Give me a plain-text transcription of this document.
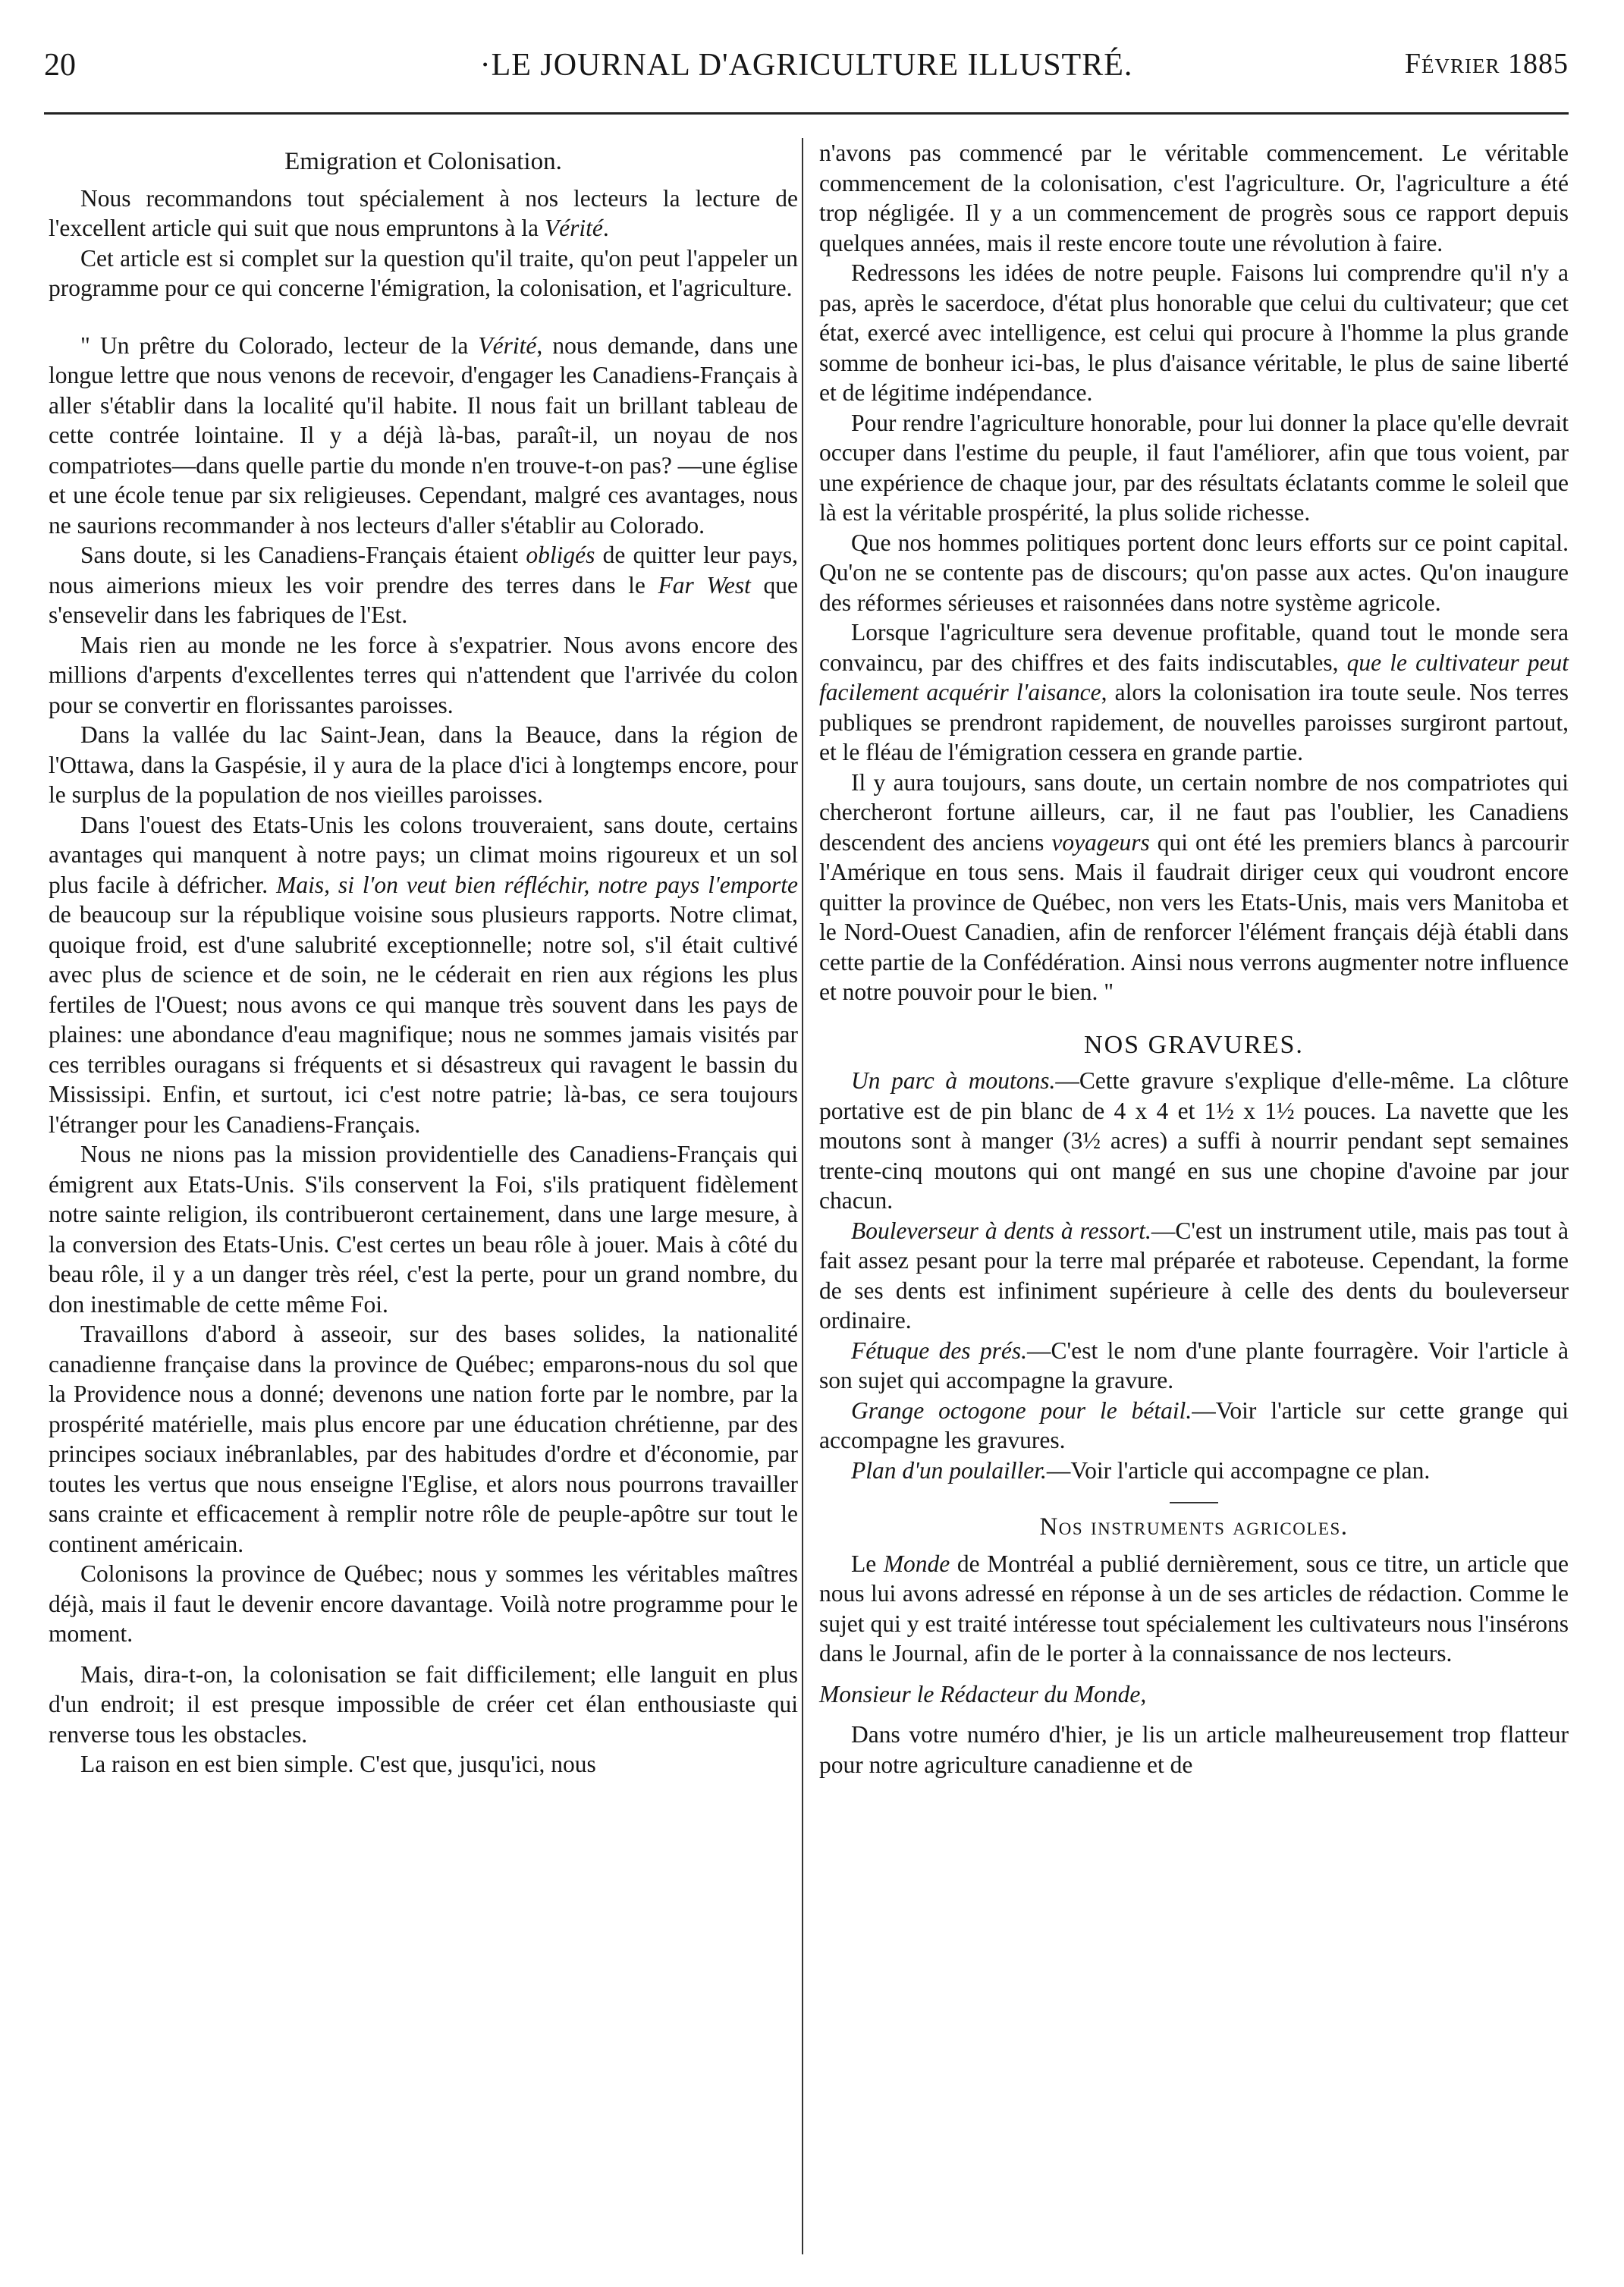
20	·LE JOURNAL D'AGRICULTURE ILLUSTRÉ.	Février 1885
Emigration et Colonisation.

Nous recommandons tout spécialement à nos lecteurs la lecture de l'excellent article qui suit que nous empruntons à la Vérité.

Cet article est si complet sur la question qu'il traite, qu'on peut l'appeler un programme pour ce qui concerne l'émigration, la colonisation, et l'agriculture.

" Un prêtre du Colorado, lecteur de la Vérité, nous demande, dans une longue lettre que nous venons de recevoir, d'engager les Canadiens-Français à aller s'établir dans la localité qu'il habite. Il nous fait un brillant tableau de cette contrée lointaine. Il y a déjà là-bas, paraît-il, un noyau de nos compatriotes—dans quelle partie du monde n'en trouve-t-on pas? —une église et une école tenue par six religieuses. Cependant, malgré ces avantages, nous ne saurions recommander à nos lecteurs d'aller s'établir au Colorado.

Sans doute, si les Canadiens-Français étaient obligés de quitter leur pays, nous aimerions mieux les voir prendre des terres dans le Far West que s'ensevelir dans les fabriques de l'Est.

Mais rien au monde ne les force à s'expatrier. Nous avons encore des millions d'arpents d'excellentes terres qui n'attendent que l'arrivée du colon pour se convertir en florissantes paroisses.

Dans la vallée du lac Saint-Jean, dans la Beauce, dans la région de l'Ottawa, dans la Gaspésie, il y aura de la place d'ici à longtemps encore, pour le surplus de la population de nos vieilles paroisses.

Dans l'ouest des Etats-Unis les colons trouveraient, sans doute, certains avantages qui manquent à notre pays; un climat moins rigoureux et un sol plus facile à défricher. Mais, si l'on veut bien réfléchir, notre pays l'emporte de beaucoup sur la république voisine sous plusieurs rapports. Notre climat, quoique froid, est d'une salubrité exceptionnelle; notre sol, s'il était cultivé avec plus de science et de soin, ne le céderait en rien aux régions les plus fertiles de l'Ouest; nous avons ce qui manque très souvent dans les pays de plaines: une abondance d'eau magnifique; nous ne sommes jamais visités par ces terribles ouragans si fréquents et si désastreux qui ravagent le bassin du Mississipi. Enfin, et surtout, ici c'est notre patrie; là-bas, ce sera toujours l'étranger pour les Canadiens-Français.

Nous ne nions pas la mission providentielle des Canadiens-Français qui émigrent aux Etats-Unis. S'ils conservent la Foi, s'ils pratiquent fidèlement notre sainte religion, ils contribueront certainement, dans une large mesure, à la conversion des Etats-Unis. C'est certes un beau rôle à jouer. Mais à côté du beau rôle, il y a un danger très réel, c'est la perte, pour un grand nombre, du don inestimable de cette même Foi.

Travaillons d'abord à asseoir, sur des bases solides, la nationalité canadienne française dans la province de Québec; emparons-nous du sol que la Providence nous a donné; devenons une nation forte par le nombre, par la prospérité matérielle, mais plus encore par une éducation chrétienne, par des principes sociaux inébranlables, par des habitudes d'ordre et d'économie, par toutes les vertus que nous enseigne l'Eglise, et alors nous pourrons travailler sans crainte et efficacement à remplir notre rôle de peuple-apôtre sur tout le continent américain.

Colonisons la province de Québec; nous y sommes les véritables maîtres déjà, mais il faut le devenir encore davantage. Voilà notre programme pour le moment.

Mais, dira-t-on, la colonisation se fait difficilement; elle languit en plus d'un endroit; il est presque impossible de créer cet élan enthousiaste qui renverse tous les obstacles.

La raison en est bien simple. C'est que, jusqu'ici, nous

n'avons pas commencé par le véritable commencement. Le véritable commencement de la colonisation, c'est l'agriculture. Or, l'agriculture a été trop négligée. Il y a un commencement de progrès sous ce rapport depuis quelques années, mais il reste encore toute une révolution à faire.

Redressons les idées de notre peuple. Faisons lui comprendre qu'il n'y a pas, après le sacerdoce, d'état plus honorable que celui du cultivateur; que cet état, exercé avec intelligence, est celui qui procure à l'homme la plus grande somme de bonheur ici-bas, le plus d'aisance véritable, le plus de saine liberté et de légitime indépendance.

Pour rendre l'agriculture honorable, pour lui donner la place qu'elle devrait occuper dans l'estime du peuple, il faut l'améliorer, afin que tous voient, par une expérience de chaque jour, par des résultats éclatants comme le soleil que là est la véritable prospérité, la plus solide richesse.

Que nos hommes politiques portent donc leurs efforts sur ce point capital. Qu'on ne se contente pas de discours; qu'on passe aux actes. Qu'on inaugure des réformes sérieuses et raisonnées dans notre système agricole.

Lorsque l'agriculture sera devenue profitable, quand tout le monde sera convaincu, par des chiffres et des faits indiscutables, que le cultivateur peut facilement acquérir l'aisance, alors la colonisation ira toute seule. Nos terres publiques se prendront rapidement, de nouvelles paroisses surgiront partout, et le fléau de l'émigration cessera en grande partie.

Il y aura toujours, sans doute, un certain nombre de nos compatriotes qui chercheront fortune ailleurs, car, il ne faut pas l'oublier, les Canadiens descendent des anciens voyageurs qui ont été les premiers blancs à parcourir l'Amérique en tous sens. Mais il faudrait diriger ceux qui voudront encore quitter la province de Québec, non vers les Etats-Unis, mais vers Manitoba et le Nord-Ouest Canadien, afin de renforcer l'élément français déjà établi dans cette partie de la Confédération. Ainsi nous verrons augmenter notre influence et notre pouvoir pour le bien. "

NOS GRAVURES.

Un parc à moutons.—Cette gravure s'explique d'elle-même. La clôture portative est de pin blanc de 4 x 4 et 1½ x 1½ pouces. La navette que les moutons sont à manger (3½ acres) a suffi à nourrir pendant sept semaines trente-cinq moutons qui ont mangé en sus une chopine d'avoine par jour chacun.

Bouleverseur à dents à ressort.—C'est un instrument utile, mais pas tout à fait assez pesant pour la terre mal préparée et raboteuse. Cependant, la forme de ses dents est infiniment supérieure à celle des dents du bouleverseur ordinaire.

Fétuque des prés.—C'est le nom d'une plante fourragère. Voir l'article à son sujet qui accompagne la gravure.

Grange octogone pour le bétail.—Voir l'article sur cette grange qui accompagne les gravures.

Plan d'un poulailler.—Voir l'article qui accompagne ce plan.

Nos instruments agricoles.

Le Monde de Montréal a publié dernièrement, sous ce titre, un article que nous lui avons adressé en réponse à un de ses articles de rédaction. Comme le sujet qui y est traité intéresse tout spécialement les cultivateurs nous l'insérons dans le Journal, afin de le porter à la connaissance de nos lecteurs.

Monsieur le Rédacteur du Monde,

Dans votre numéro d'hier, je lis un article malheureusement trop flatteur pour notre agriculture canadienne et de
